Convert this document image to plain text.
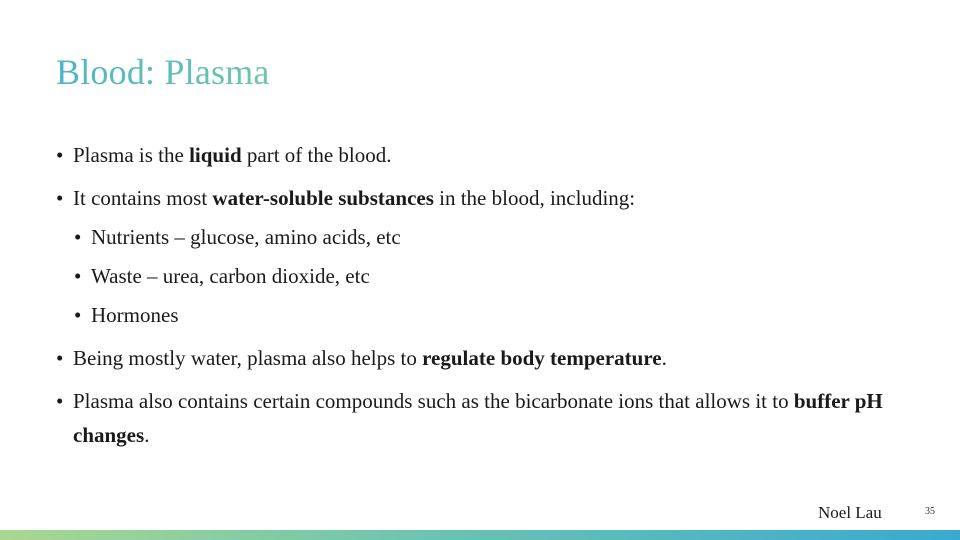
Blood: Plasma
• Plasma is the liquid part of the blood.
• It contains most water-soluble substances in the blood, including:
• Nutrients – glucose, amino acids, etc
• Waste – urea, carbon dioxide, etc
• Hormones
• Being mostly water, plasma also helps to regulate body temperature.
• Plasma also contains certain compounds such as the bicarbonate ions that allows it to buffer pH changes.
Noel Lau	35
